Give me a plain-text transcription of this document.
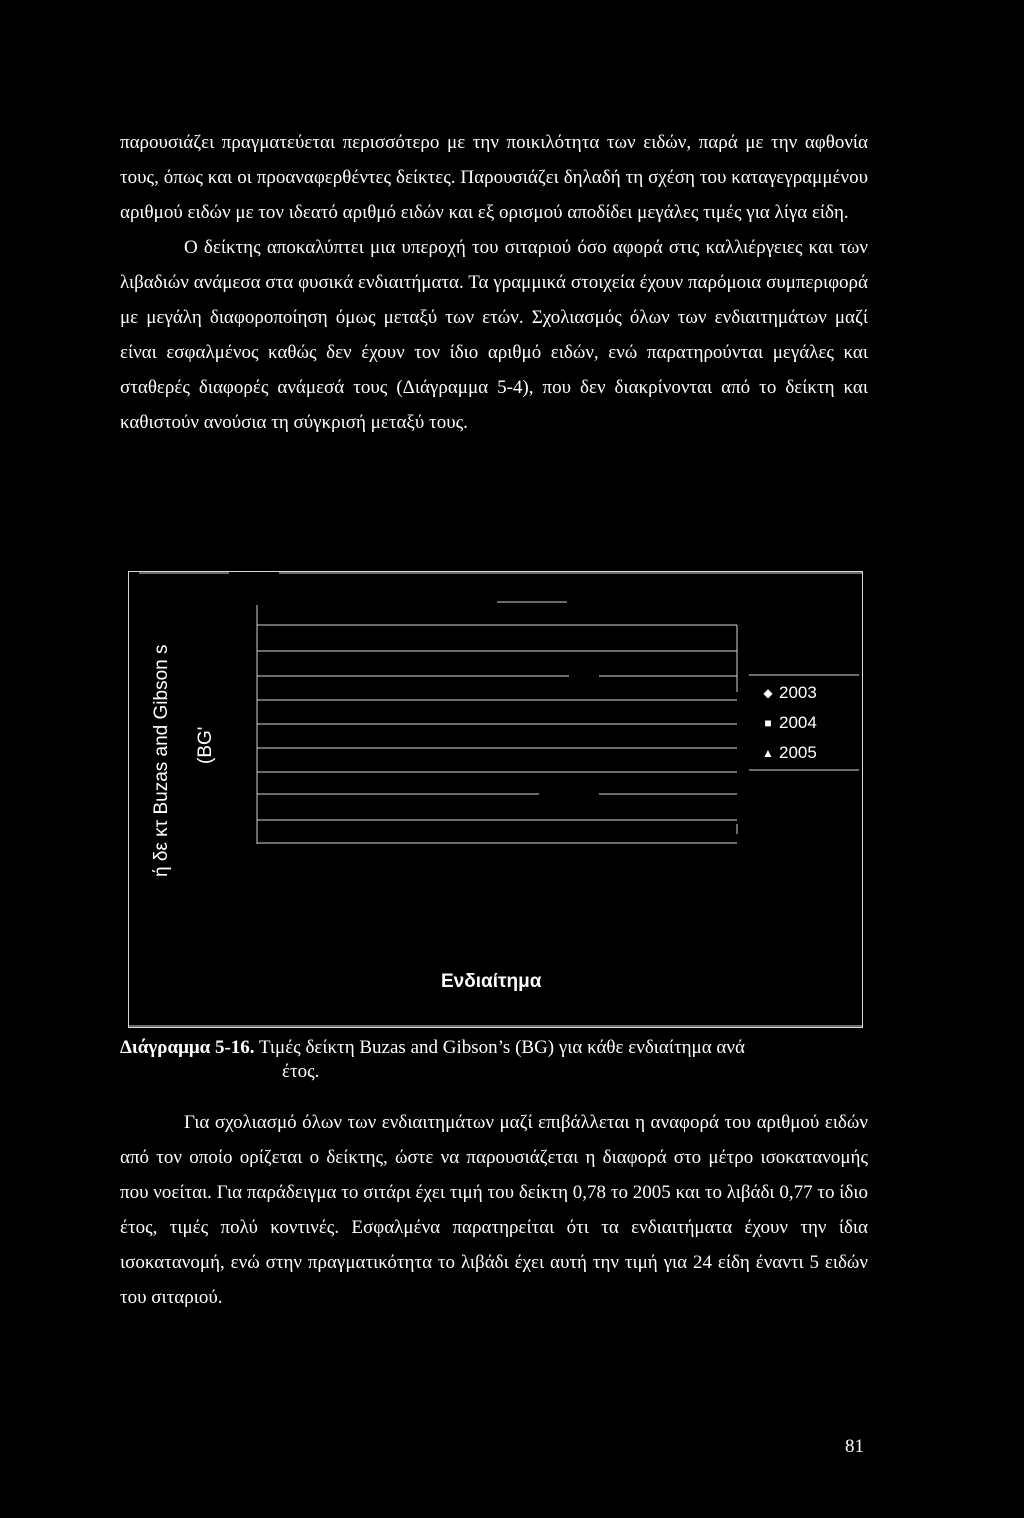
παρουσιάζει πραγματεύεται περισσότερο με την ποικιλότητα των ειδών, παρά με την αφθονία τους, όπως και οι προαναφερθέντες δείκτες. Παρουσιάζει δηλαδή τη σχέση του καταγεγραμμένου αριθμού ειδών με τον ιδεατό αριθμό ειδών και εξ ορισμού αποδίδει μεγάλες τιμές για λίγα είδη.

Ο δείκτης αποκαλύπτει μια υπεροχή του σιταριού όσο αφορά στις καλλιέργειες και των λιβαδιών ανάμεσα στα φυσικά ενδιαιτήματα. Τα γραμμικά στοιχεία έχουν παρόμοια συμπεριφορά με μεγάλη διαφοροποίηση όμως μεταξύ των ετών. Σχολιασμός όλων των ενδιαιτημάτων μαζί είναι εσφαλμένος καθώς δεν έχουν τον ίδιο αριθμό ειδών, ενώ παρατηρούνται μεγάλες και σταθερές διαφορές ανάμεσά τους (Διάγραμμα 5-4), που δεν διακρίνονται από το δείκτη και καθιστούν ανούσια τη σύγκρισή μεταξύ τους.

ή δε κτ Buzas and Gibson s (BG'
◆ 2003
■ 2004
▲ 2005
Ενδιαίτημα
Διάγραμμα 5-16. Τιμές δείκτη Buzas and Gibson’s (BG) για κάθε ενδιαίτημα ανά
έτος.

Για σχολιασμό όλων των ενδιαιτημάτων μαζί επιβάλλεται η αναφορά του αριθμού ειδών από τον οποίο ορίζεται ο δείκτης, ώστε να παρουσιάζεται η διαφορά στο μέτρο ισοκατανομής που νοείται. Για παράδειγμα το σιτάρι έχει τιμή του δείκτη 0,78 το 2005 και το λιβάδι 0,77 το ίδιο έτος, τιμές πολύ κοντινές. Εσφαλμένα παρατηρείται ότι τα ενδιαιτήματα έχουν την ίδια ισοκατανομή, ενώ στην πραγματικότητα το λιβάδι έχει αυτή την τιμή για 24 είδη έναντι 5 ειδών του σιταριού.

81
